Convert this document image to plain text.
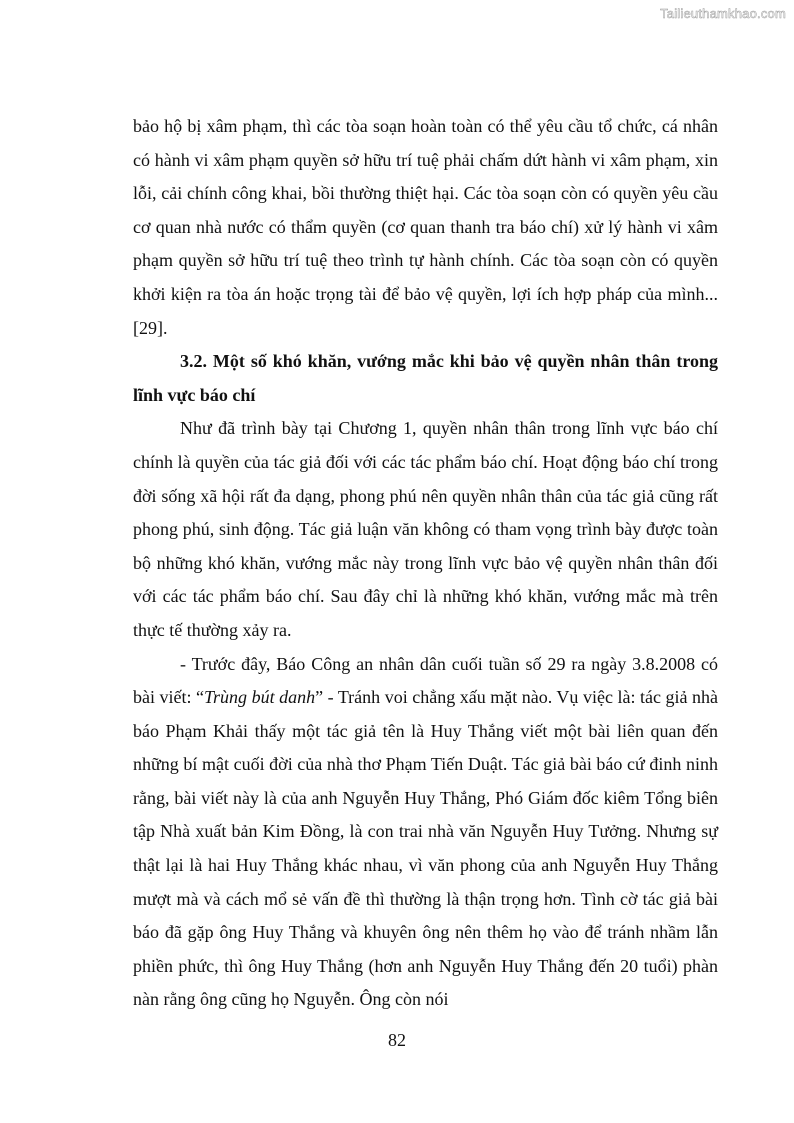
Tailieuthamkhao.com

bảo hộ bị xâm phạm, thì các tòa soạn hoàn toàn có thể yêu cầu tổ chức, cá nhân có hành vi xâm phạm quyền sở hữu trí tuệ phải chấm dứt hành vi xâm phạm, xin lỗi, cải chính công khai, bồi thường thiệt hại. Các tòa soạn còn có quyền yêu cầu cơ quan nhà nước có thẩm quyền (cơ quan thanh tra báo chí) xử lý hành vi xâm phạm quyền sở hữu trí tuệ theo trình tự hành chính. Các tòa soạn còn có quyền khởi kiện ra tòa án hoặc trọng tài để bảo vệ quyền, lợi ích hợp pháp của mình... [29].

3.2. Một số khó khăn, vướng mắc khi bảo vệ quyền nhân thân trong lĩnh vực báo chí

Như đã trình bày tại Chương 1, quyền nhân thân trong lĩnh vực báo chí chính là quyền của tác giả đối với các tác phẩm báo chí. Hoạt động báo chí trong đời sống xã hội rất đa dạng, phong phú nên quyền nhân thân của tác giả cũng rất phong phú, sinh động. Tác giả luận văn không có tham vọng trình bày được toàn bộ những khó khăn, vướng mắc này trong lĩnh vực bảo vệ quyền nhân thân đối với các tác phẩm báo chí. Sau đây chỉ là những khó khăn, vướng mắc mà trên thực tế thường xảy ra.

- Trước đây, Báo Công an nhân dân cuối tuần số 29 ra ngày 3.8.2008 có bài viết: “Trùng bút danh” - Tránh voi chẳng xấu mặt nào. Vụ việc là: tác giả nhà báo Phạm Khải thấy một tác giả tên là Huy Thắng viết một bài liên quan đến những bí mật cuối đời của nhà thơ Phạm Tiến Duật. Tác giả bài báo cứ đinh ninh rằng, bài viết này là của anh Nguyễn Huy Thắng, Phó Giám đốc kiêm Tổng biên tập Nhà xuất bản Kim Đồng, là con trai nhà văn Nguyễn Huy Tưởng. Nhưng sự thật lại là hai Huy Thắng khác nhau, vì văn phong của anh Nguyễn Huy Thắng mượt mà và cách mổ sẻ vấn đề thì thường là thận trọng hơn. Tình cờ tác giả bài báo đã gặp ông Huy Thắng và khuyên ông nên thêm họ vào để tránh nhầm lẫn phiền phức, thì ông Huy Thắng (hơn anh Nguyễn Huy Thắng đến 20 tuổi) phàn nàn rằng ông cũng họ Nguyễn. Ông còn nói

82
